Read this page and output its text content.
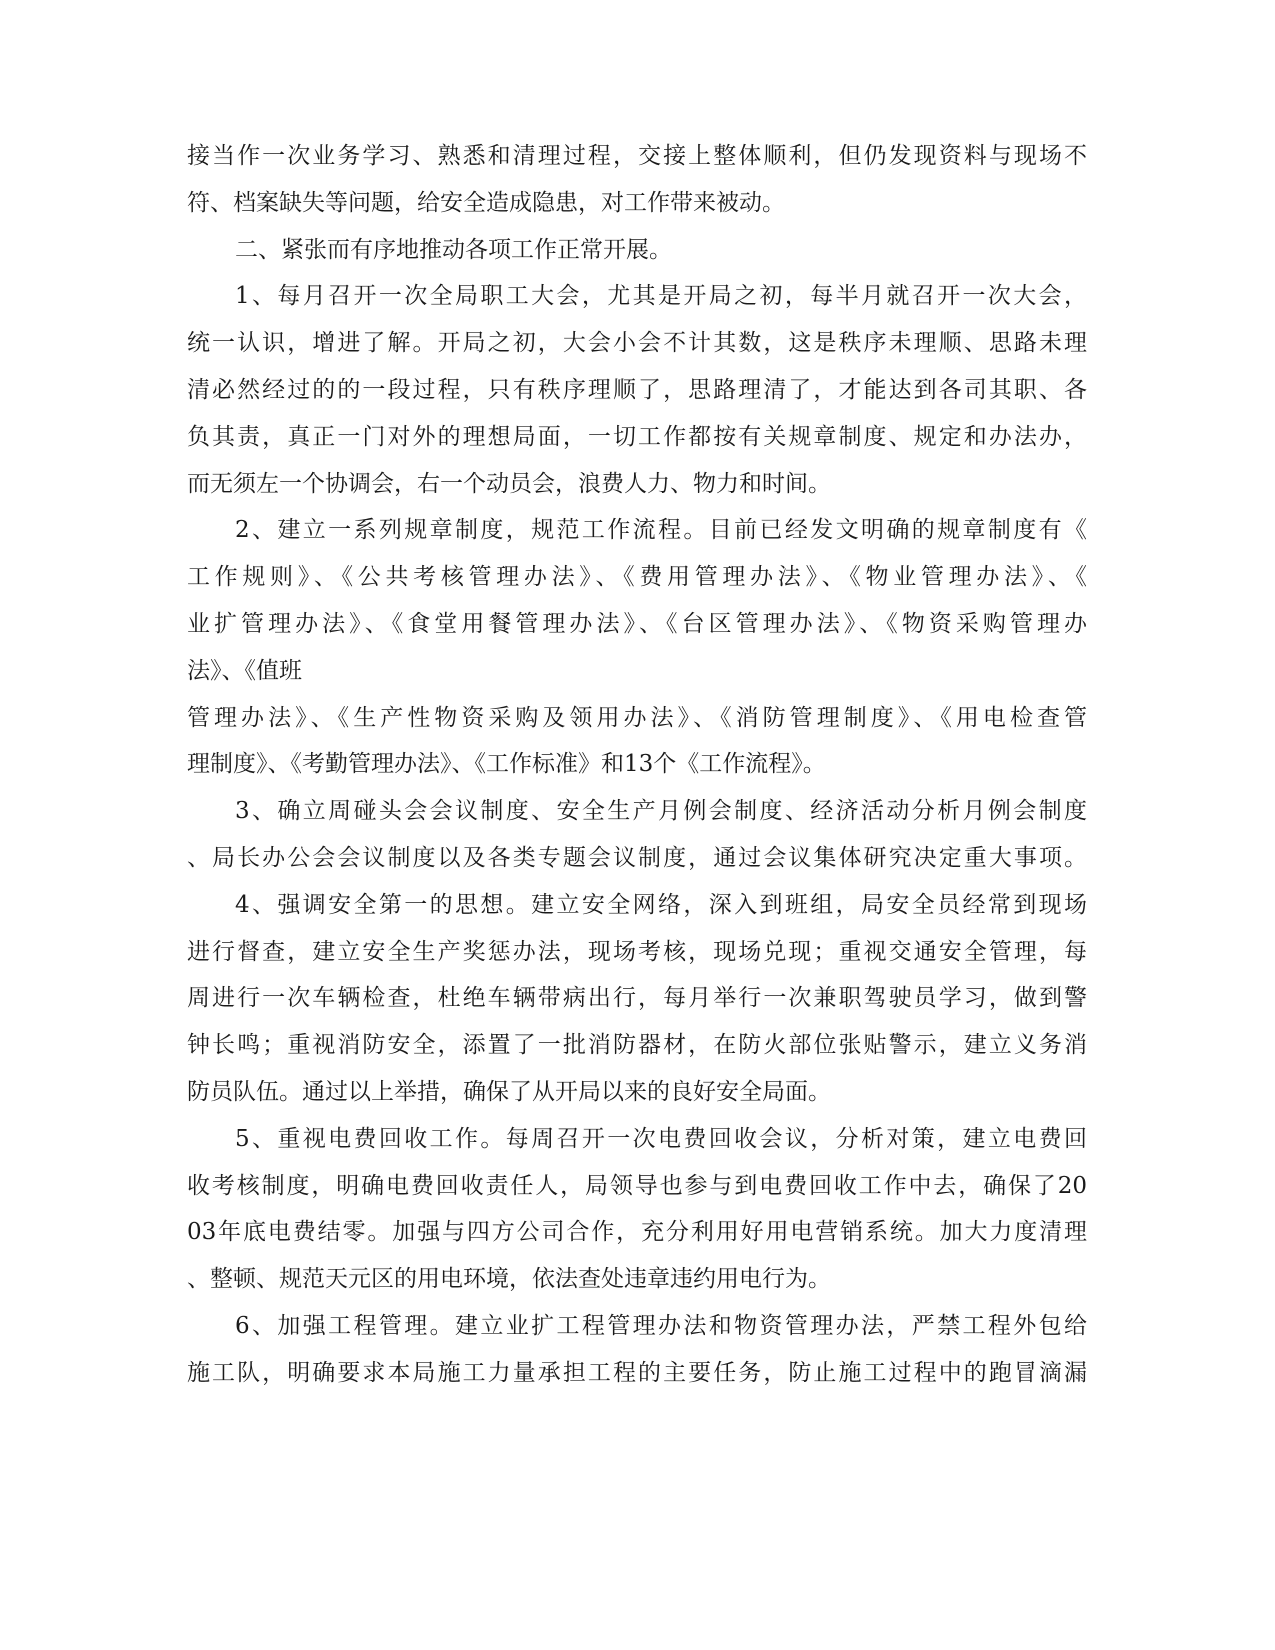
接当作一次业务学习、熟悉和清理过程，交接上整体顺利，但仍发现资料与现场不
符、档案缺失等问题，给安全造成隐患，对工作带来被动。
二、紧张而有序地推动各项工作正常开展。
1、每月召开一次全局职工大会，尤其是开局之初，每半月就召开一次大会，
统一认识，增进了解。开局之初，大会小会不计其数，这是秩序未理顺、思路未理
清必然经过的的一段过程，只有秩序理顺了，思路理清了，才能达到各司其职、各
负其责，真正一门对外的理想局面，一切工作都按有关规章制度、规定和办法办，
而无须左一个协调会，右一个动员会，浪费人力、物力和时间。
2、建立一系列规章制度，规范工作流程。目前已经发文明确的规章制度有《
工作规则》、《公共考核管理办法》、《费用管理办法》、《物业管理办法》、《
业扩管理办法》、《食堂用餐管理办法》、《台区管理办法》、《物资采购管理办
法》、《值班
管理办法》、《生产性物资采购及领用办法》、《消防管理制度》、《用电检查管
理制度》、《考勤管理办法》、《工作标准》和13个《工作流程》。
3、确立周碰头会会议制度、安全生产月例会制度、经济活动分析月例会制度
、局长办公会会议制度以及各类专题会议制度，通过会议集体研究决定重大事项。
4、强调安全第一的思想。建立安全网络，深入到班组，局安全员经常到现场
进行督查，建立安全生产奖惩办法，现场考核，现场兑现；重视交通安全管理，每
周进行一次车辆检查，杜绝车辆带病出行，每月举行一次兼职驾驶员学习，做到警
钟长鸣；重视消防安全，添置了一批消防器材，在防火部位张贴警示，建立义务消
防员队伍。通过以上举措，确保了从开局以来的良好安全局面。
5、重视电费回收工作。每周召开一次电费回收会议，分析对策，建立电费回
收考核制度，明确电费回收责任人，局领导也参与到电费回收工作中去，确保了20
03年底电费结零。加强与四方公司合作，充分利用好用电营销系统。加大力度清理
、整顿、规范天元区的用电环境，依法查处违章违约用电行为。
6、加强工程管理。建立业扩工程管理办法和物资管理办法，严禁工程外包给
施工队，明确要求本局施工力量承担工程的主要任务，防止施工过程中的跑冒滴漏
